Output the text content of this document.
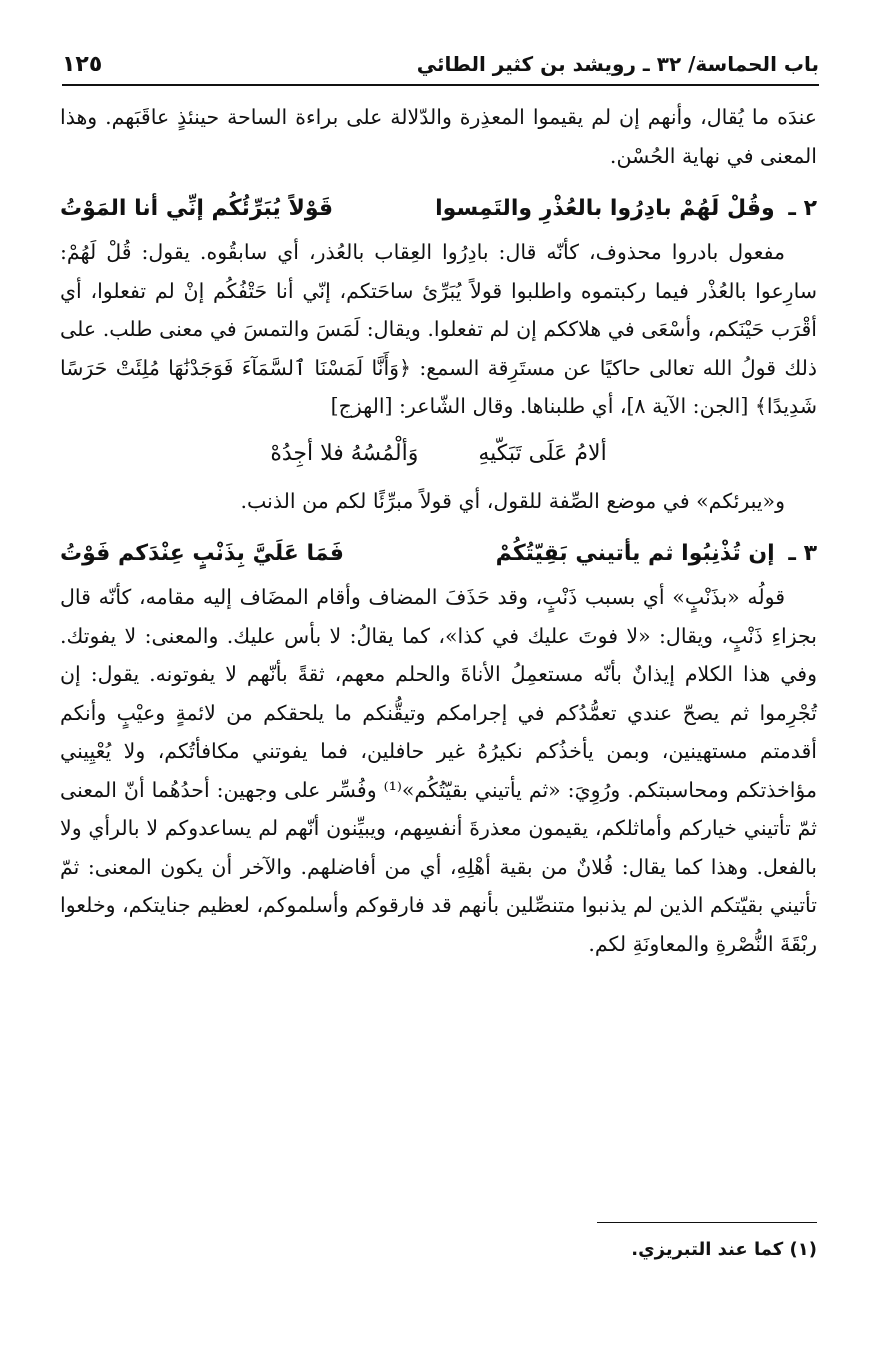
باب الحماسة/ ٣٢ ـ رويشد بن كثير الطائي
١٢٥

عندَه ما يُقال، وأنهم إن لم يقيموا المعذِرة والدّلالة على براءة الساحة حينئذٍ عاقَبَهم. وهذا المعنى في نهاية الحُسْن.

٢ ـ وقُلْ لَهُمْ بادِرُوا بالعُذْرِ والتَمِسوا
قَوْلاً يُبَرِّئُكُم إنِّي أنا المَوْتُ

مفعول بادروا محذوف، كأنّه قال: بادِرُوا العِقاب بالعُذر، أي سابقُوه. يقول: قُلْ لَهُمْ: سارِعوا بالعُذْر فيما ركبتموه واطلبوا قولاً يُبَرِّئ ساحَتكم، إنّي أنا حَتْفُكُم إنْ لم تفعلوا، أي أقْرَب حَيْنَكم، وأسْعَى في هلاككم إن لم تفعلوا. ويقال: لَمَسَ والتمسَ في معنى طلب. على ذلك قولُ الله تعالى حاكيًا عن مستَرِقة السمع: ﴿وَأَنَّا لَمَسْنَا ٱلسَّمَآءَ فَوَجَدْنَٰهَا مُلِئَتْ حَرَسًا شَدِيدًا﴾ [الجن: الآية ٨]، أي طلبناها. وقال الشّاعر: [الهزج]

ألامُ عَلَى تَبَكّيهِ
وَألْمُسُهُ فلا أجِدُهْ

و«يبرئكم» في موضع الصِّفة للقول، أي قولاً مبرِّئًا لكم من الذنب.

٣ ـ إن تُذْنِبُوا ثم يأتيني بَقِيّتُكُمْ
فَمَا عَلَيَّ بِذَنْبٍ عِنْدَكم فَوْتُ

قولُه «بذَنْبٍ» أي بسبب ذَنْبٍ، وقد حَذَفَ المضاف وأقام المضَاف إليه مقامه، كأنّه قال بجزاءِ ذَنْبٍ، ويقال: «لا فوتَ عليك في كذا»، كما يقالُ: لا بأس عليك. والمعنى: لا يفوتك. وفي هذا الكلام إيذانٌ بأنّه مستعمِلُ الأناةَ والحلم معهم، ثقةً بأنّهم لا يفوتونه. يقول: إن تُجْرِموا ثم يصحّ عندي تعمُّدُكم في إجرامكم وتيقُّنكم ما يلحقكم من لائمةٍ وعيْبٍ وأنكم أقدمتم مستهينين، وبمن يأخذُكم نكيرُهُ غير حافلين، فما يفوتني مكافأتُكم، ولا يُعْيِيني مؤاخذتكم ومحاسبتكم. ورُوِيَ: «ثم يأتيني بقيّتُكُم»⁽¹⁾ وفُسِّر على وجهين: أحدُهُما أنّ المعنى ثمّ تأتيني خياركم وأماثلكم، يقيمون معذرةَ أنفسِهم، ويبيِّنون أنّهم لم يساعدوكم لا بالرأي ولا بالفعل. وهذا كما يقال: فُلانٌ من بقية أهْلِهِ، أي من أفاضلهم. والآخر أن يكون المعنى: ثمّ تأتيني بقيّتكم الذين لم يذنبوا متنصِّلين بأنهم قد فارقوكم وأسلموكم، لعظيم جنايتكم، وخلعوا ربْقَةَ النُّصْرةِ والمعاونَةِ لكم.

(١) كما عند التبريزي.
